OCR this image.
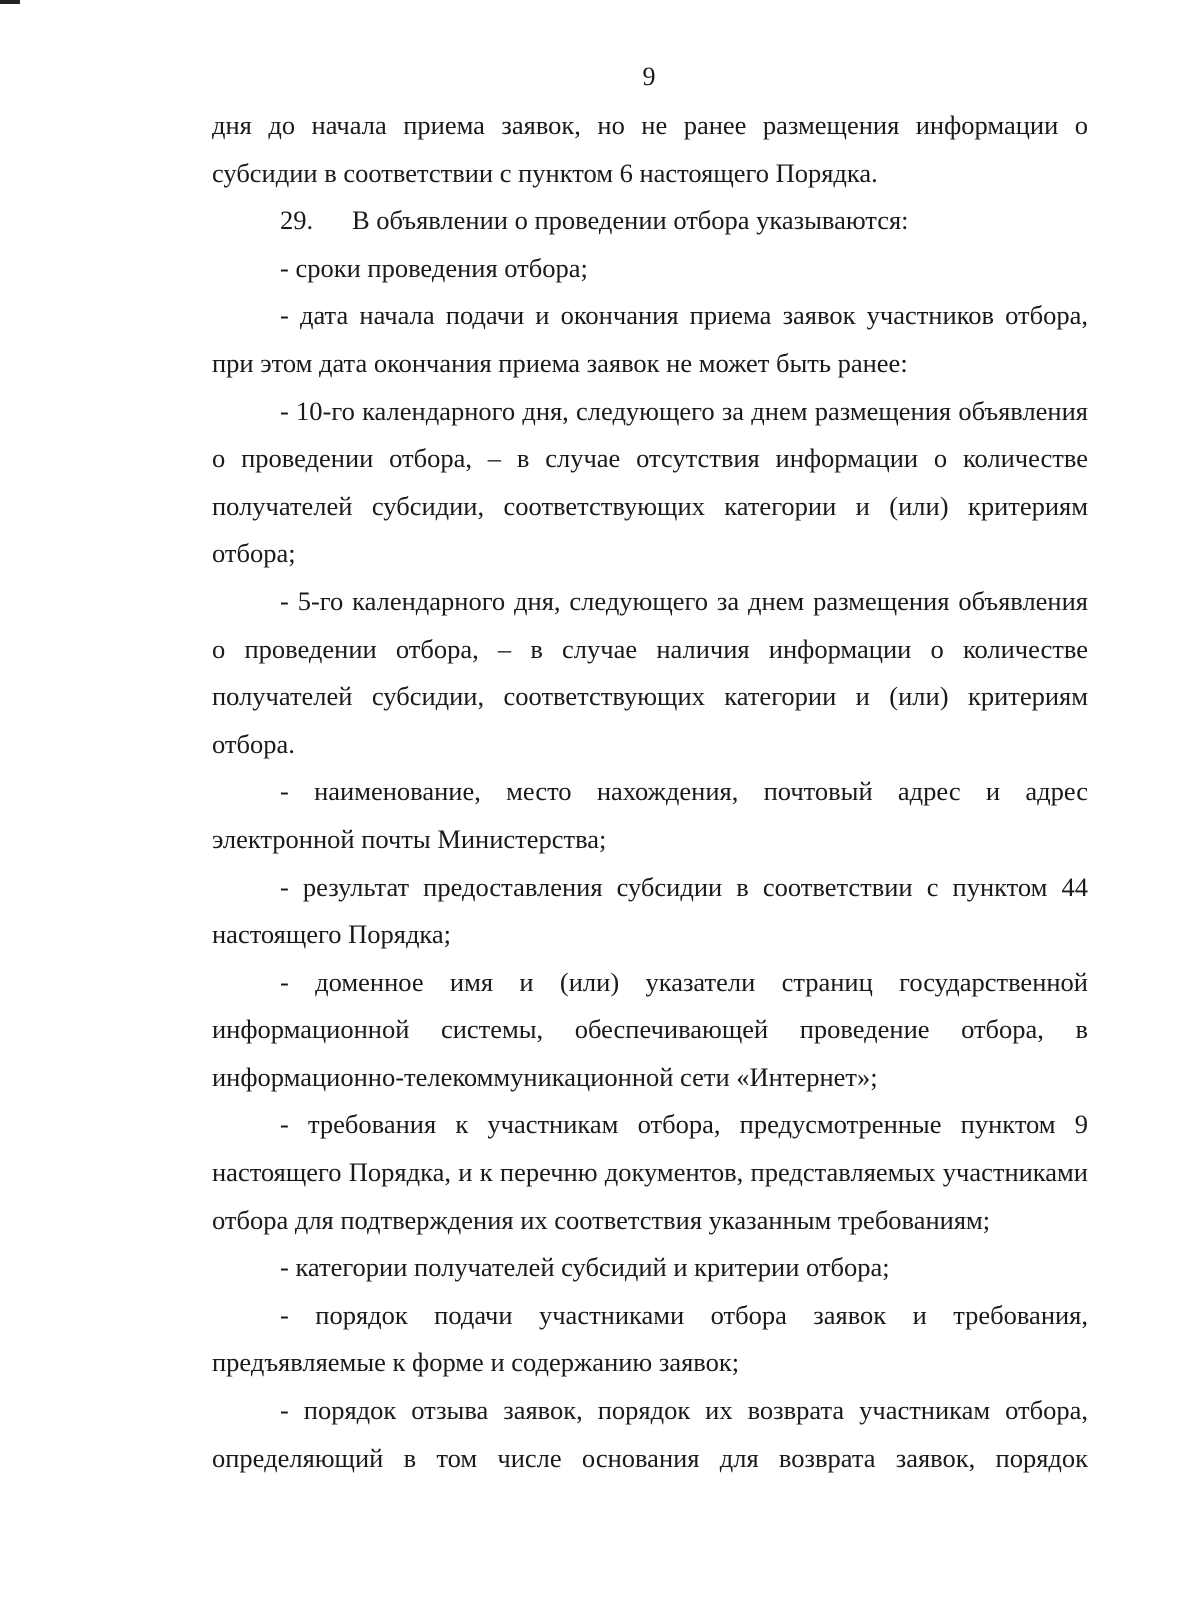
9

дня до начала приема заявок, но не ранее размещения информации о субсидии в соответствии с пунктом 6 настоящего Порядка.

29. В объявлении о проведении отбора указываются:

- сроки проведения отбора;

- дата начала подачи и окончания приема заявок участников отбора, при этом дата окончания приема заявок не может быть ранее:

- 10-го календарного дня, следующего за днем размещения объявления о проведении отбора, – в случае отсутствия информации о количестве получателей субсидии, соответствующих категории и (или) критериям отбора;

- 5-го календарного дня, следующего за днем размещения объявления о проведении отбора, – в случае наличия информации о количестве получателей субсидии, соответствующих категории и (или) критериям отбора.

- наименование, место нахождения, почтовый адрес и адрес электронной почты Министерства;

- результат предоставления субсидии в соответствии с пунктом 44 настоящего Порядка;

- доменное имя и (или) указатели страниц государственной информационной системы, обеспечивающей проведение отбора, в информационно-телекоммуникационной сети «Интернет»;

- требования к участникам отбора, предусмотренные пунктом 9 настоящего Порядка, и к перечню документов, представляемых участниками отбора для подтверждения их соответствия указанным требованиям;

- категории получателей субсидий и критерии отбора;

- порядок подачи участниками отбора заявок и требования, предъявляемые к форме и содержанию заявок;

- порядок отзыва заявок, порядок их возврата участникам отбора, определяющий в том числе основания для возврата заявок, порядок
